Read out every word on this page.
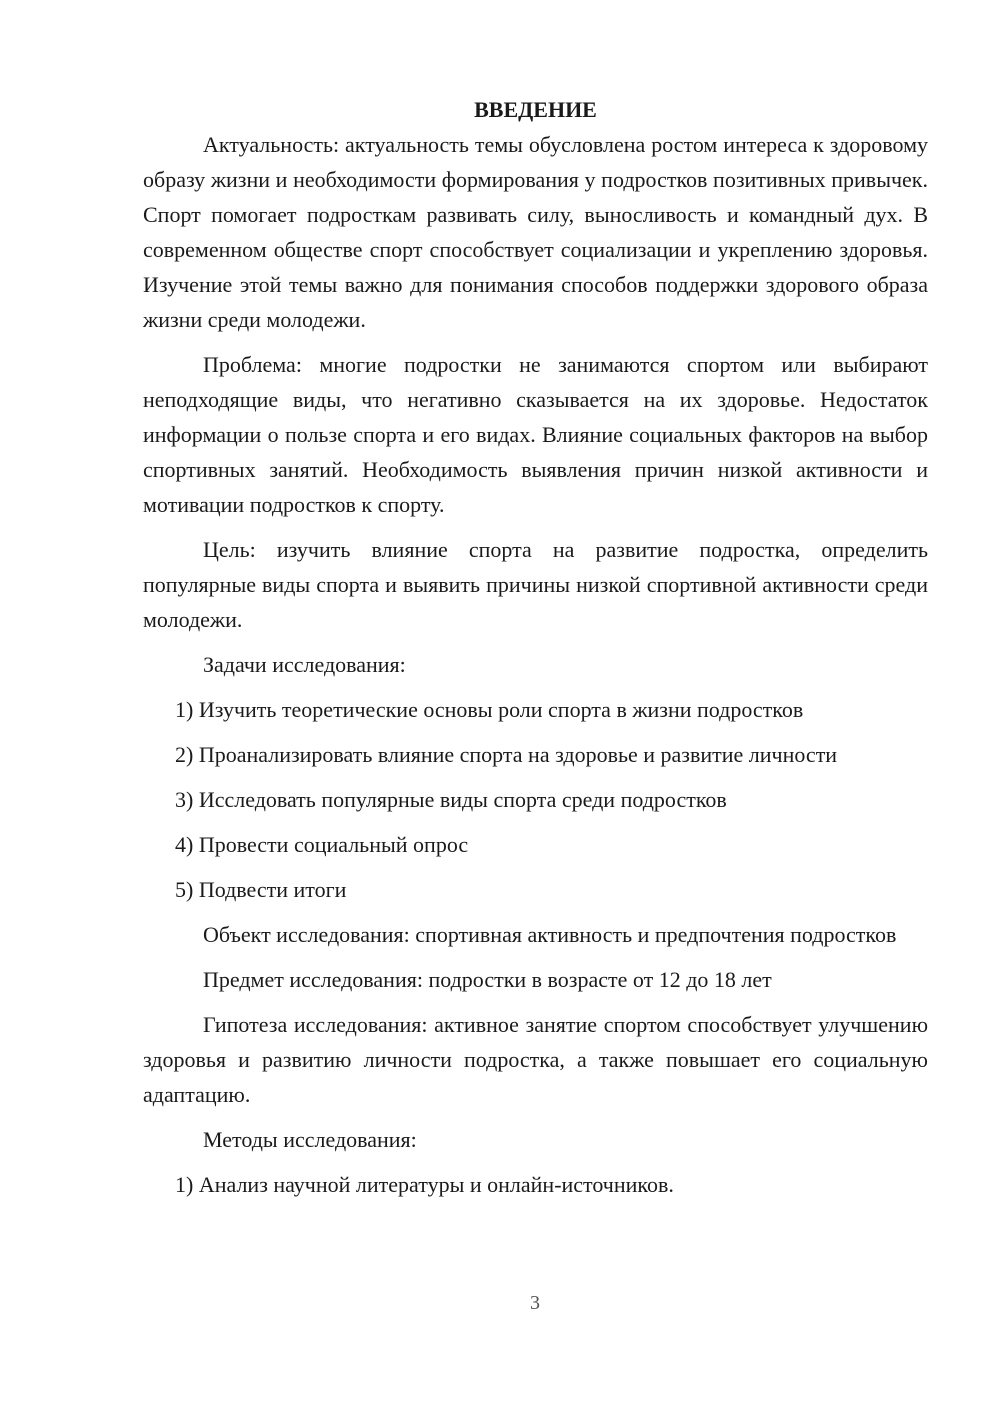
ВВЕДЕНИЕ

Актуальность: актуальность темы обусловлена ростом интереса к здоровому образу жизни и необходимости формирования у подростков позитивных привычек. Спорт помогает подросткам развивать силу, выносливость и командный дух. В современном обществе спорт способствует социализации и укреплению здоровья. Изучение этой темы важно для понимания способов поддержки здорового образа жизни среди молодежи.

Проблема: многие подростки не занимаются спортом или выбирают неподходящие виды, что негативно сказывается на их здоровье. Недостаток информации о пользе спорта и его видах. Влияние социальных факторов на выбор спортивных занятий. Необходимость выявления причин низкой активности и мотивации подростков к спорту.

Цель: изучить влияние спорта на развитие подростка, определить популярные виды спорта и выявить причины низкой спортивной активности среди молодежи.

Задачи исследования:

1) Изучить теоретические основы роли спорта в жизни подростков
2) Проанализировать влияние спорта на здоровье и развитие личности
3) Исследовать популярные виды спорта среди подростков
4) Провести социальный опрос
5) Подвести итоги

Объект исследования: спортивная активность и предпочтения подростков

Предмет исследования: подростки в возрасте от 12 до 18 лет

Гипотеза исследования: активное занятие спортом способствует улучшению здоровья и развитию личности подростка, а также повышает его социальную адаптацию.

Методы исследования:

1) Анализ научной литературы и онлайн-источников.
3
